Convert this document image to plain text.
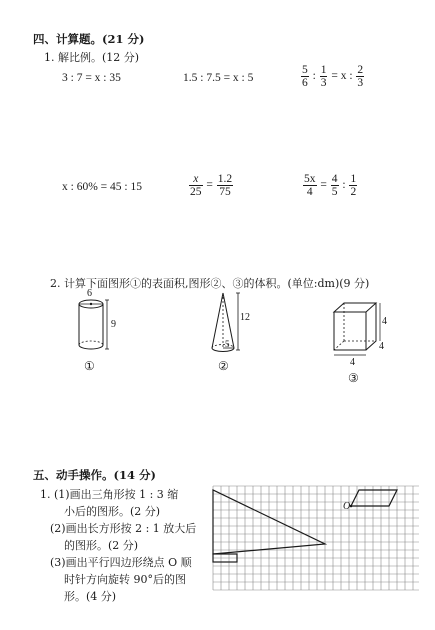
四、计算题。(21 分)
1. 解比例。(12 分)
3 : 7 = x : 35	1.5 : 7.5 = x : 5	$\frac{5}{6}$ : $\frac{1}{3} = x$ : $\frac{2}{3}$
x : 60% = 45 : 15	$\frac{x}{25} = \frac{1.2}{75}$	$\frac{5x}{4} = \frac{4}{5}$ : $\frac{1}{2}$
2. 计算下面图形①的表面积,图形②、③的体积。(单位:dm)(9 分)
6
9
①
12
5
②
4
4
4
③
五、动手操作。(14 分)
1. (1)画出三角形按 1 : 3 缩
小后的图形。(2 分)
(2)画出长方形按 2 : 1 放大后
的图形。(2 分)
(3)画出平行四边形绕点 O 顺
时针方向旋转 90°后的图
形。(4 分)
O
